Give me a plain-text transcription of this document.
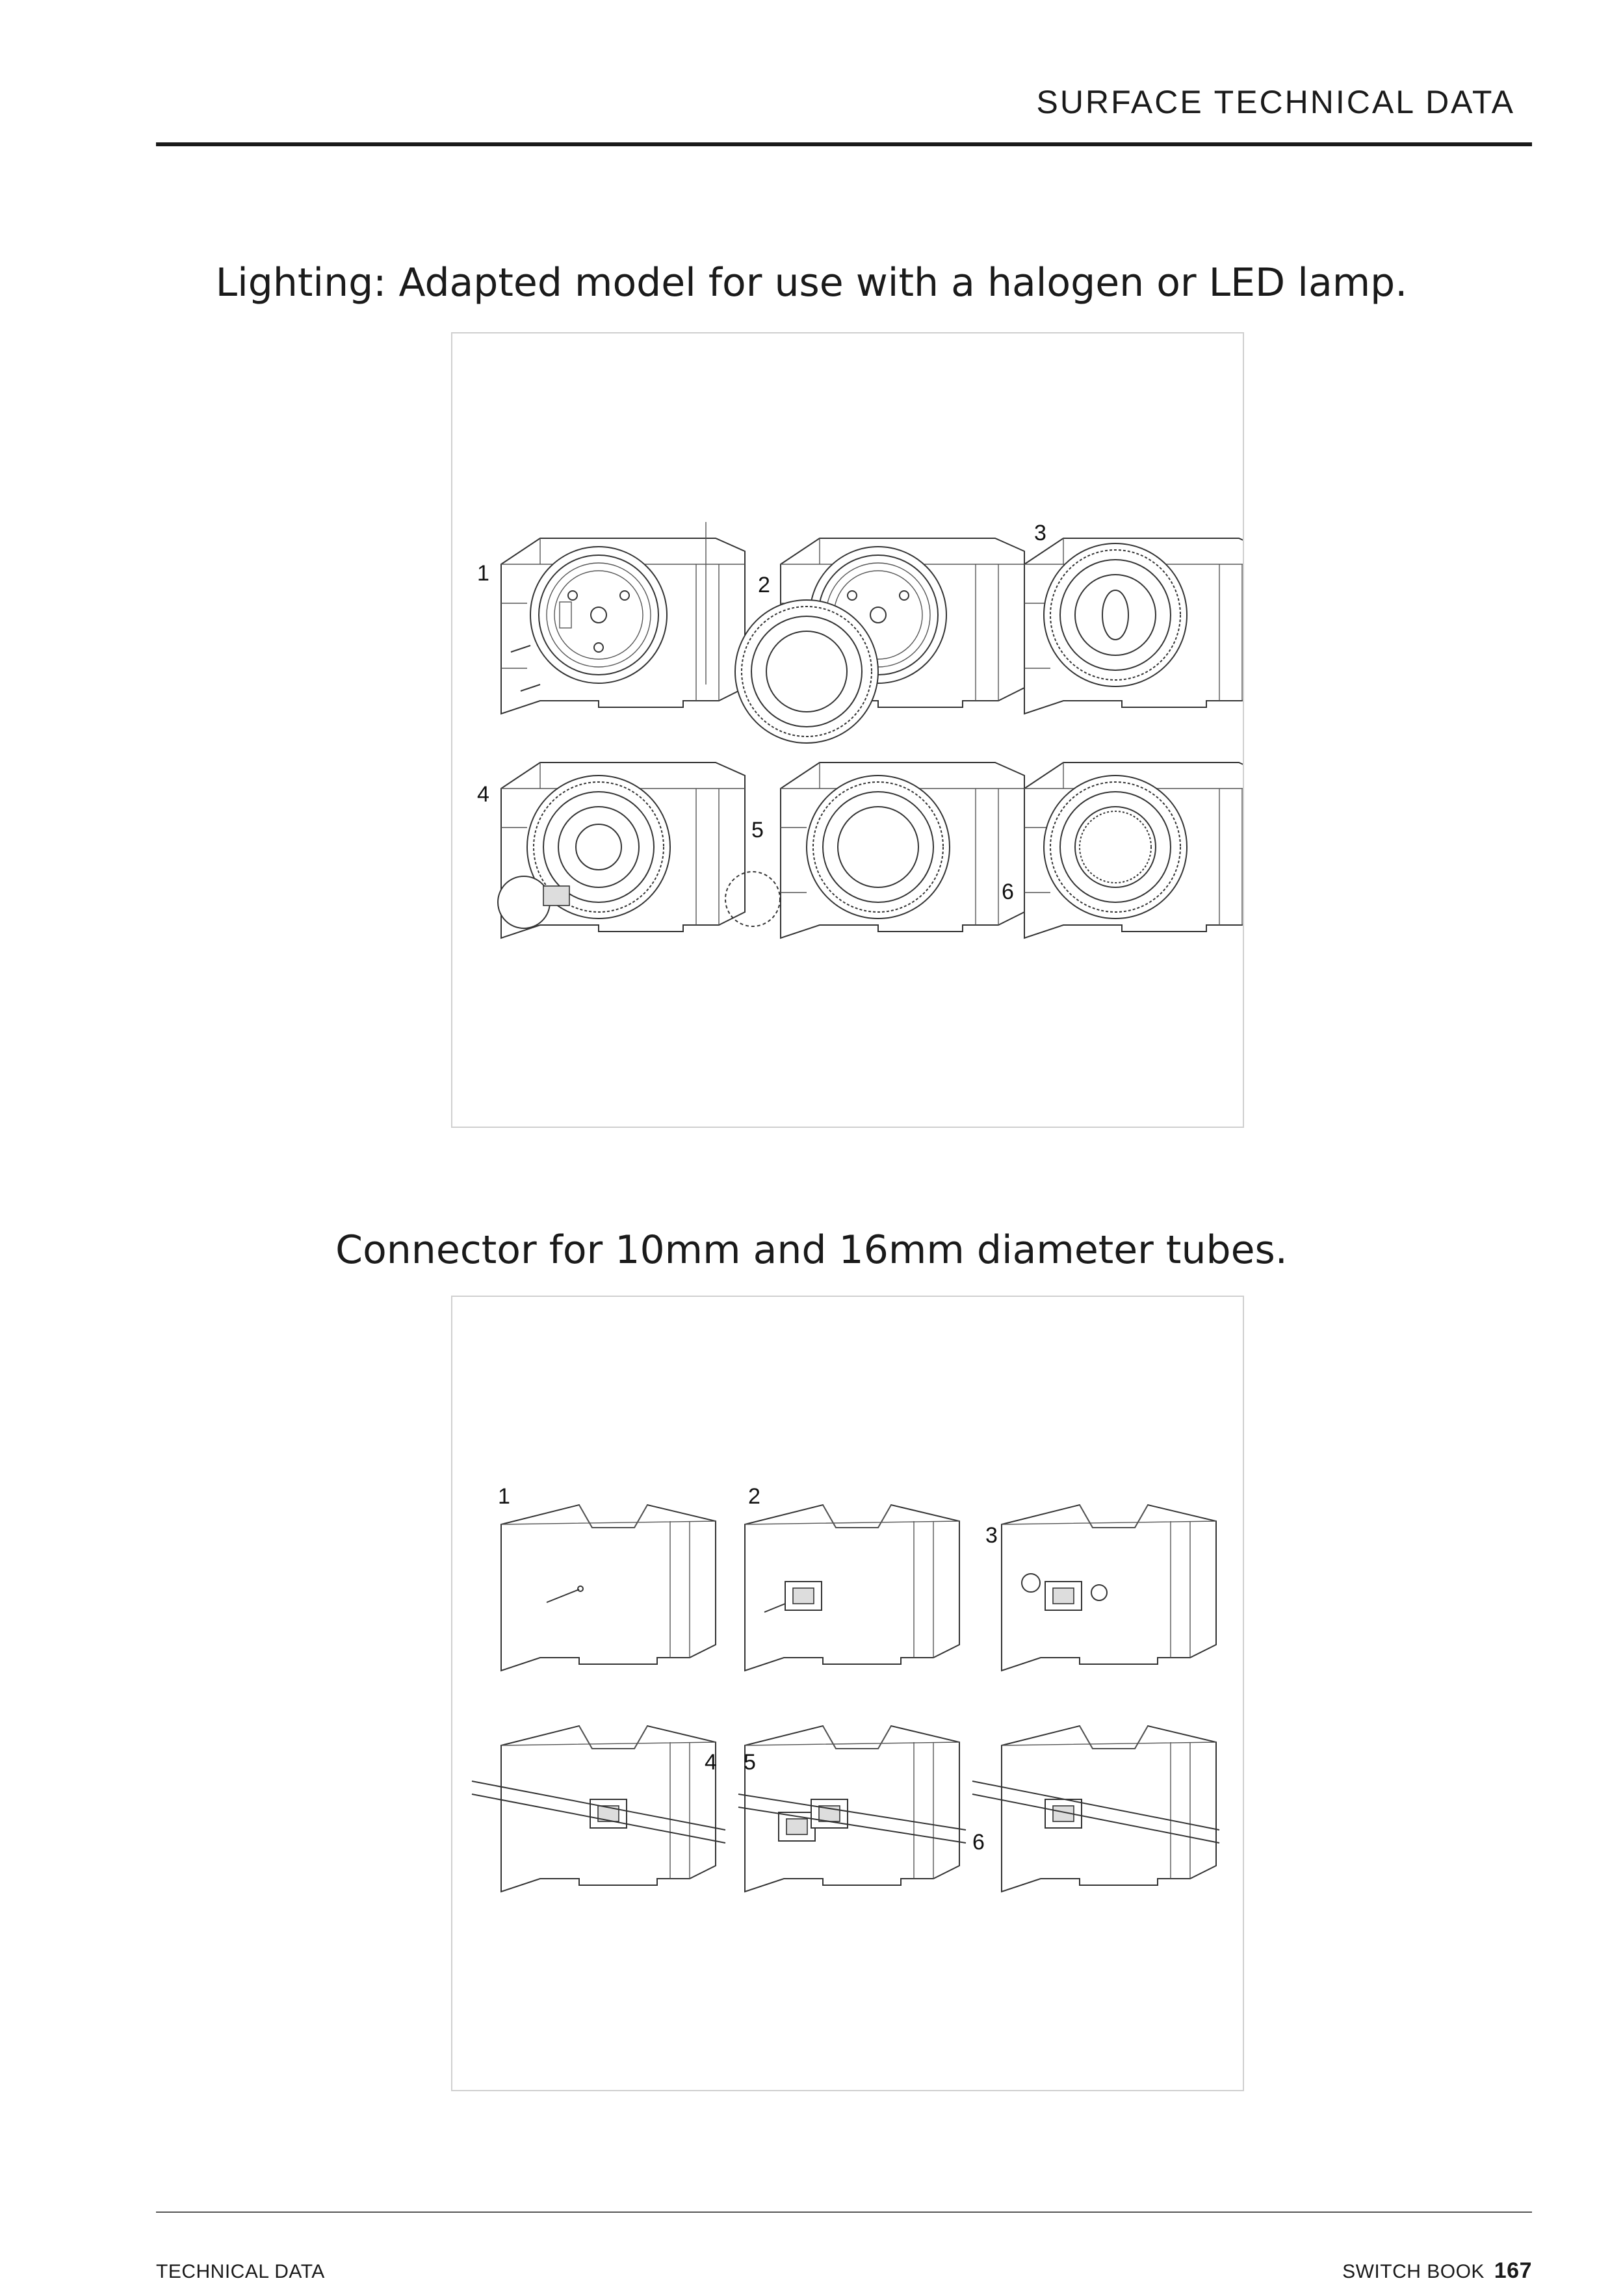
SURFACE TECHNICAL DATA
Lighting: Adapted model for use with a halogen or LED lamp.
1	2
3
4
5
6
Connector for 10mm and 16mm diameter tubes.
1	2
3
4 5
6
TECHNICAL DATA	SWITCH BOOK 167
